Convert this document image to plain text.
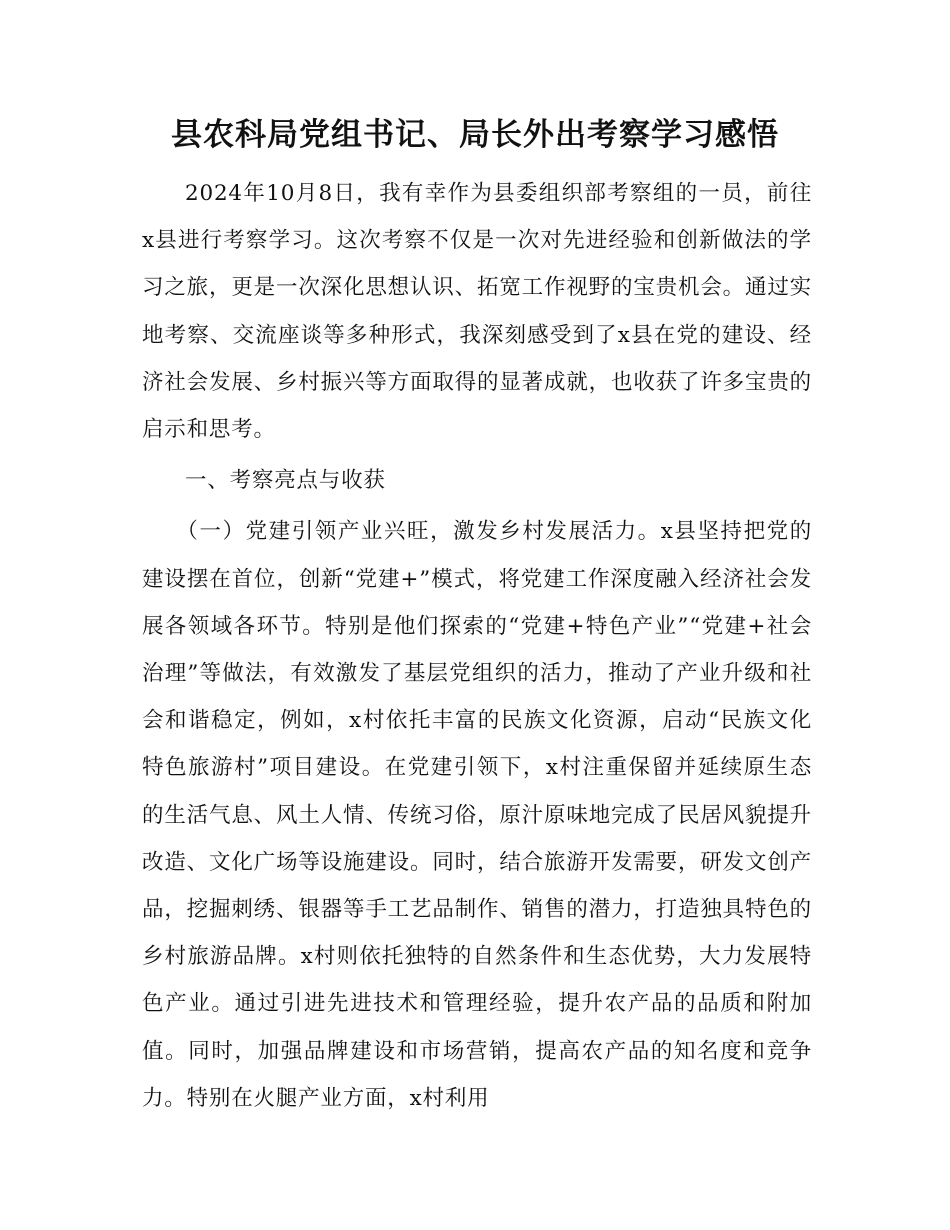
县农科局党组书记、局长外出考察学习感悟

2024年10月8日，我有幸作为县委组织部考察组的一员，前往x县进行考察学习。这次考察不仅是一次对先进经验和创新做法的学习之旅，更是一次深化思想认识、拓宽工作视野的宝贵机会。通过实地考察、交流座谈等多种形式，我深刻感受到了x县在党的建设、经济社会发展、乡村振兴等方面取得的显著成就，也收获了许多宝贵的启示和思考。

一、考察亮点与收获

（一）党建引领产业兴旺，激发乡村发展活力。x县坚持把党的建设摆在首位，创新“党建+”模式，将党建工作深度融入经济社会发展各领域各环节。特别是他们探索的“党建+特色产业”“党建+社会治理”等做法，有效激发了基层党组织的活力，推动了产业升级和社会和谐稳定，例如，x村依托丰富的民族文化资源，启动“民族文化特色旅游村”项目建设。在党建引领下，x村注重保留并延续原生态的生活气息、风土人情、传统习俗，原汁原味地完成了民居风貌提升改造、文化广场等设施建设。同时，结合旅游开发需要，研发文创产品，挖掘刺绣、银器等手工艺品制作、销售的潜力，打造独具特色的乡村旅游品牌。x村则依托独特的自然条件和生态优势，大力发展特色产业。通过引进先进技术和管理经验，提升农产品的品质和附加值。同时，加强品牌建设和市场营销，提高农产品的知名度和竞争力。特别在火腿产业方面，x村利用
